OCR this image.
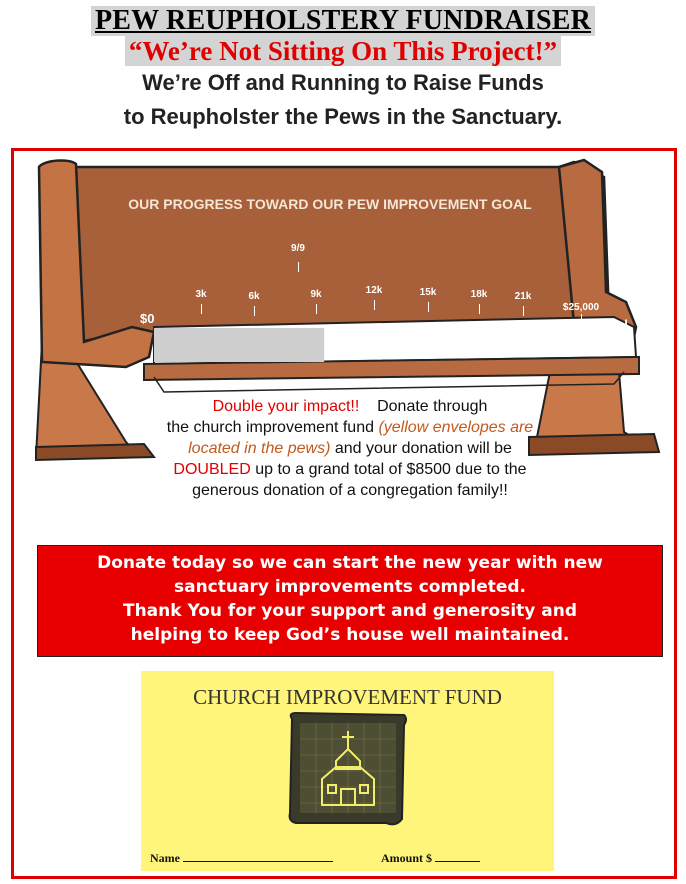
PEW REUPHOLSTERY FUNDRAISER
“We’re Not Sitting On This Project!”
We’re Off and Running to Raise Funds
to Reupholster the Pews in the Sanctuary.
OUR PROGRESS TOWARD OUR PEW IMPROVEMENT GOAL
9/9
3k	6k	9k	12k	15k	18k	21k
$25,000
$0	Goal
Double your impact!! Donate through
the church improvement fund (yellow envelopes are located in the pews) and your donation will be DOUBLED up to a grand total of $8500 due to the generous donation of a congregation family!!
Donate today so we can start the new year with new
sanctuary improvements completed.
Thank You for your support and generosity and
helping to keep God’s house well maintained.
CHURCH IMPROVEMENT FUND
Name	Amount $
